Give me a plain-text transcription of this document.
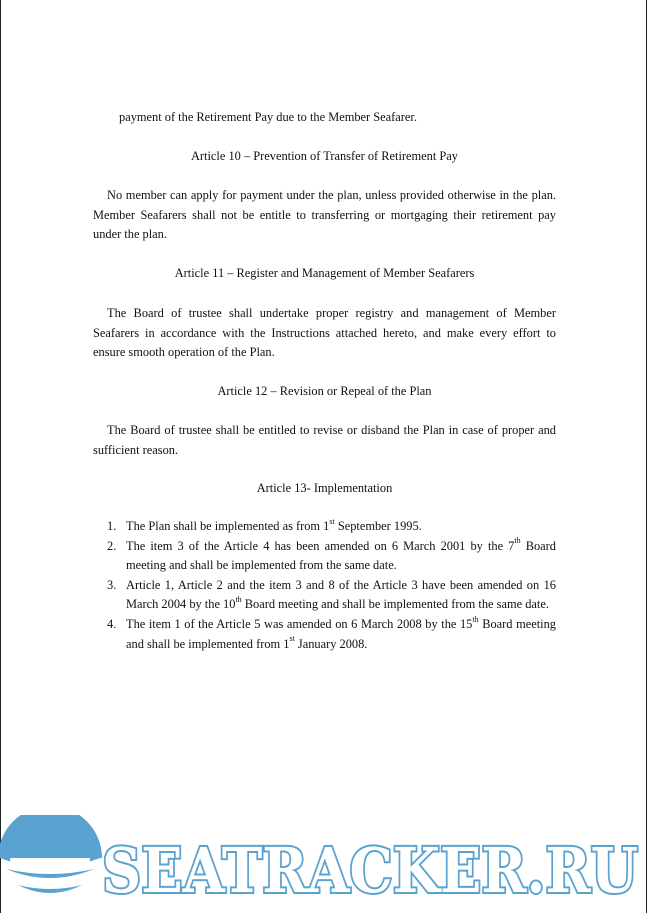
payment of the Retirement Pay due to the Member Seafarer.

Article 10 – Prevention of Transfer of Retirement Pay

No member can apply for payment under the plan, unless provided otherwise in the plan. Member Seafarers shall not be entitle to transferring or mortgaging their retirement pay under the plan.

Article 11 – Register and Management of Member Seafarers

The Board of trustee shall undertake proper registry and management of Member Seafarers in accordance with the Instructions attached hereto, and make every effort to ensure smooth operation of the Plan.

Article 12 – Revision or Repeal of the Plan

The Board of trustee shall be entitled to revise or disband the Plan in case of proper and sufficient reason.

Article 13- Implementation

1. The Plan shall be implemented as from 1st September 1995.
2. The item 3 of the Article 4 has been amended on 6 March 2001 by the 7th Board meeting and shall be implemented from the same date.
3. Article 1, Article 2 and the item 3 and 8 of the Article 3 have been amended on 16 March 2004 by the 10th Board meeting and shall be implemented from the same date.
4. The item 1 of the Article 5 was amended on 6 March 2008 by the 15th Board meeting and shall be implemented from 1st January 2008.
SEATRACKER.RU
